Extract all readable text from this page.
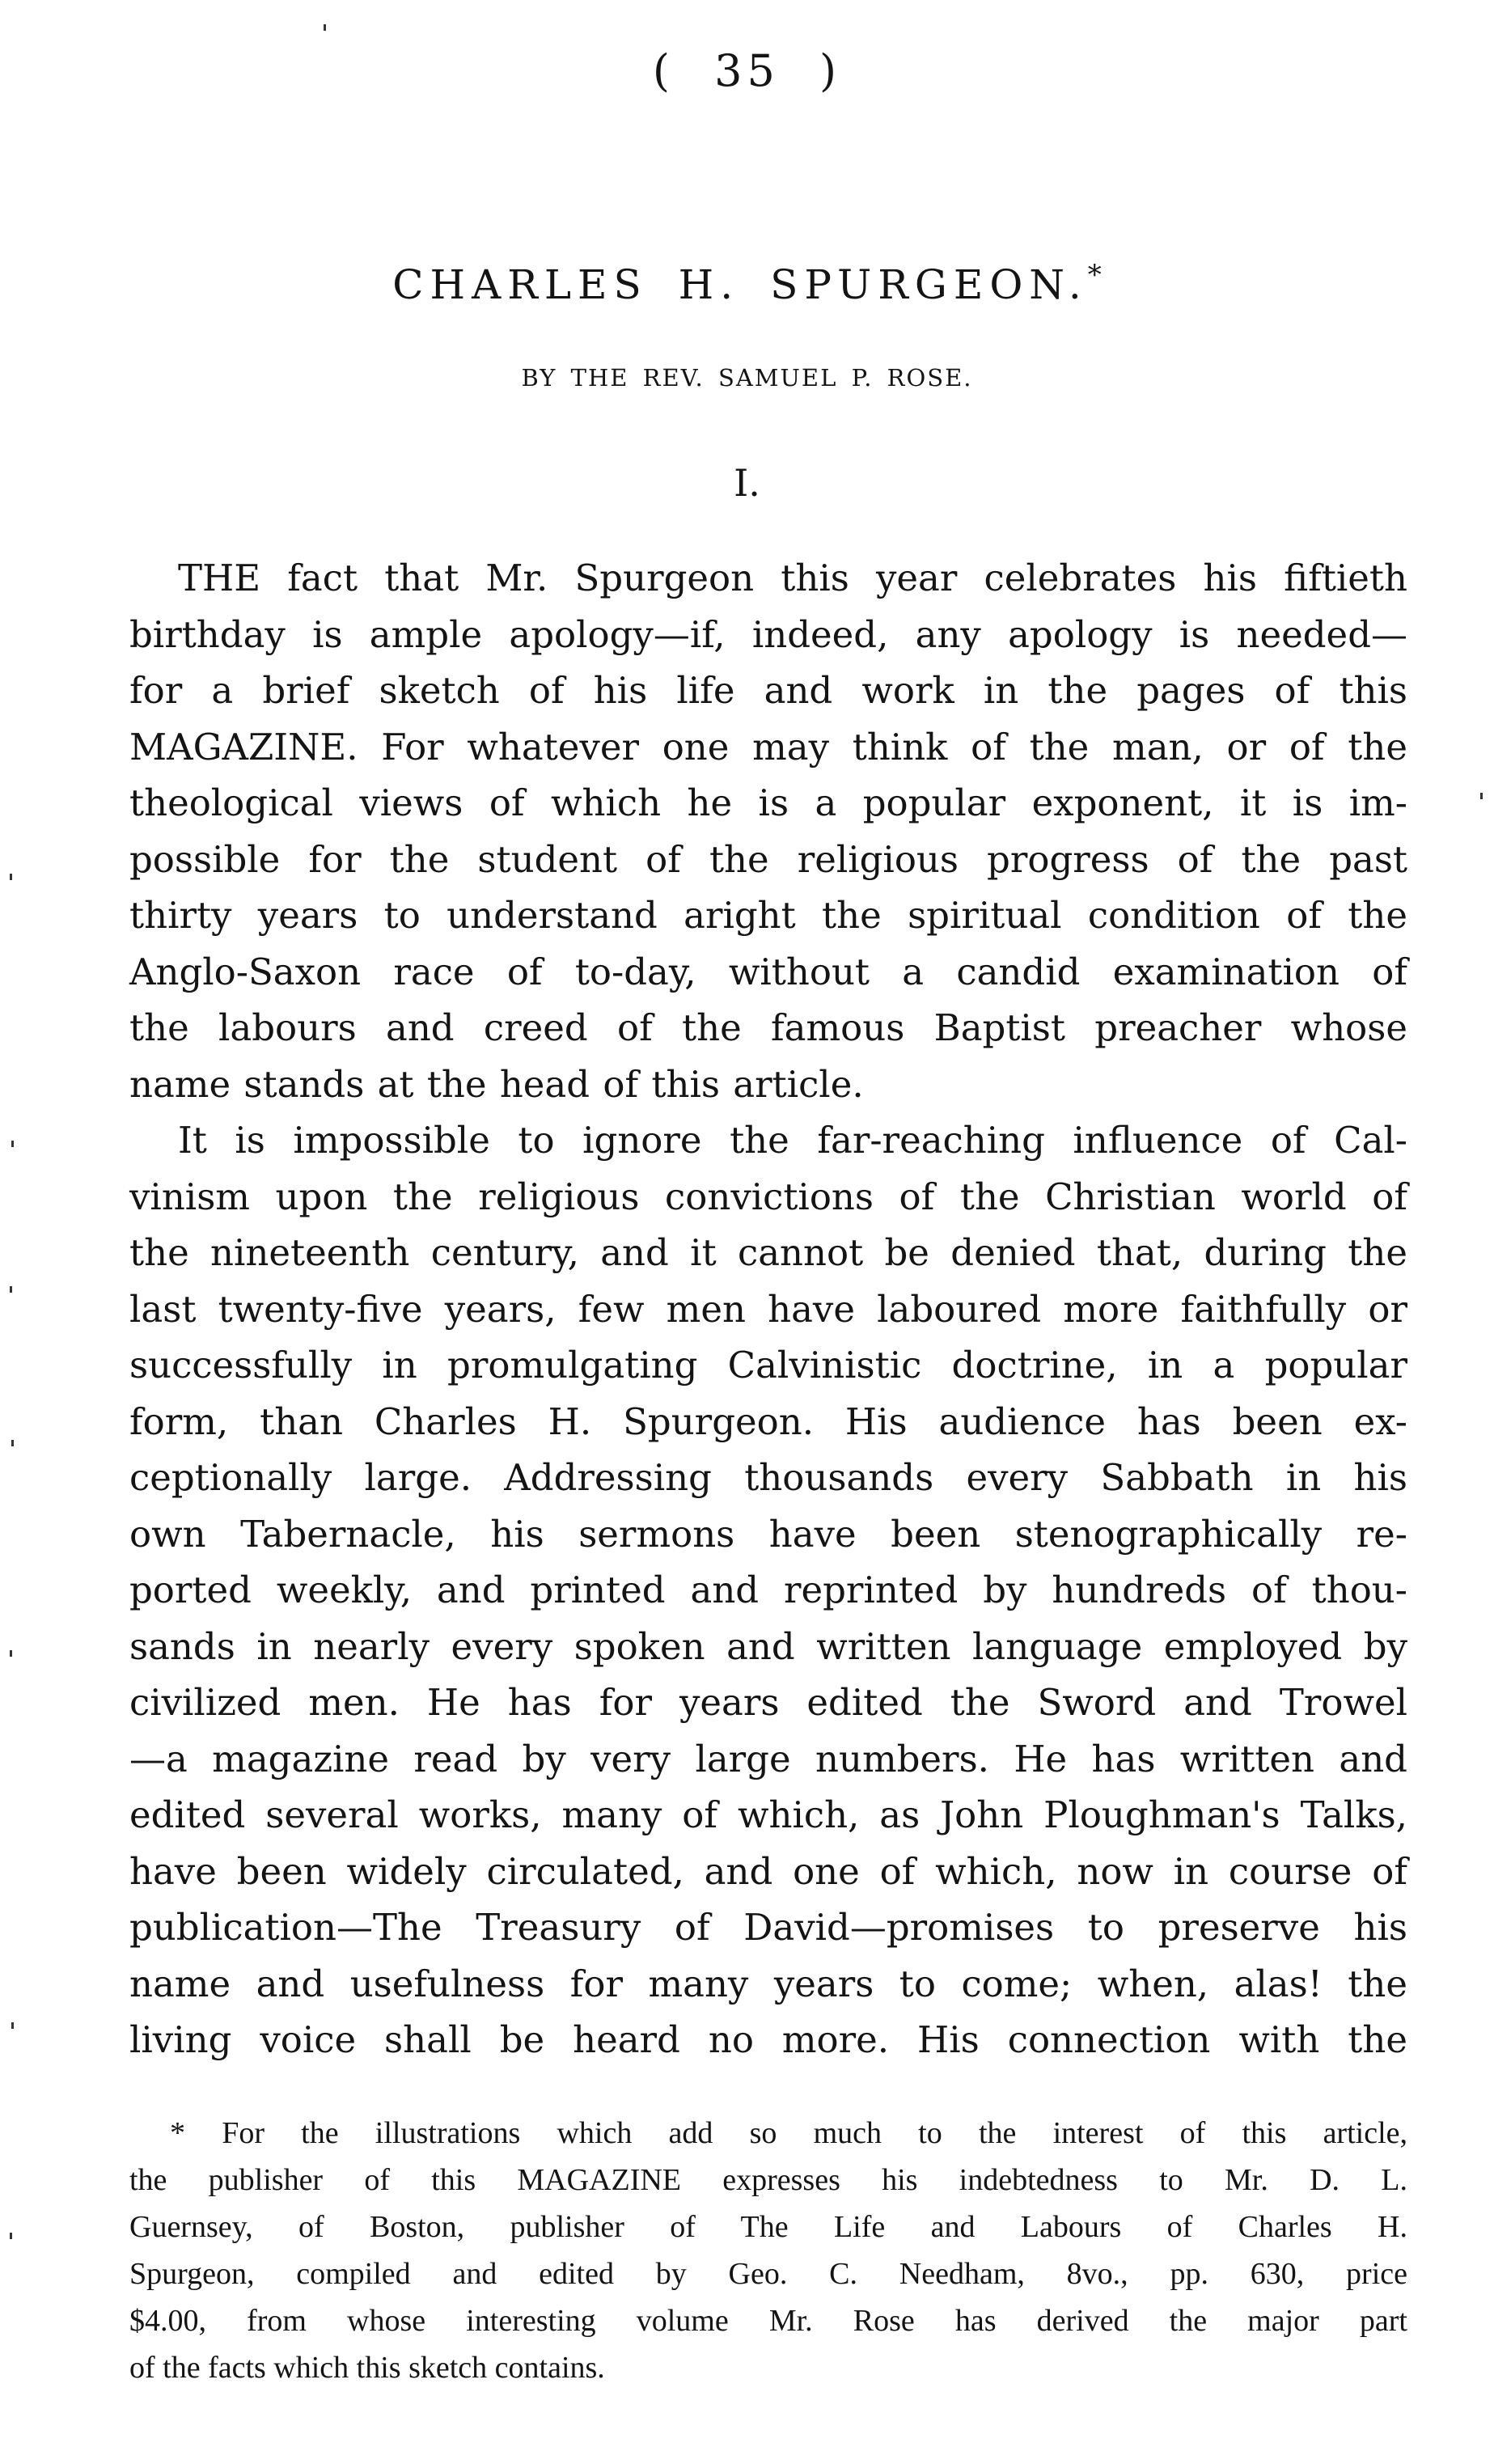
( 35 )
CHARLES H. SPURGEON.*
BY THE REV. SAMUEL P. ROSE.
I.

THE fact that Mr. Spurgeon this year celebrates his fiftieth
birthday is ample apology—if, indeed, any apology is needed—
for a brief sketch of his life and work in the pages of this
MAGAZINE. For whatever one may think of the man, or of the
theological views of which he is a popular exponent, it is im-
possible for the student of the religious progress of the past
thirty years to understand aright the spiritual condition of the
Anglo-Saxon race of to-day, without a candid examination of
the labours and creed of the famous Baptist preacher whose
name stands at the head of this article.

It is impossible to ignore the far-reaching influence of Cal-
vinism upon the religious convictions of the Christian world of
the nineteenth century, and it cannot be denied that, during the
last twenty-five years, few men have laboured more faithfully or
successfully in promulgating Calvinistic doctrine, in a popular
form, than Charles H. Spurgeon. His audience has been ex-
ceptionally large. Addressing thousands every Sabbath in his
own Tabernacle, his sermons have been stenographically re-
ported weekly, and printed and reprinted by hundreds of thou-
sands in nearly every spoken and written language employed by
civilized men. He has for years edited the Sword and Trowel
—a magazine read by very large numbers. He has written and
edited several works, many of which, as John Ploughman's Talks,
have been widely circulated, and one of which, now in course of
publication—The Treasury of David—promises to preserve his
name and usefulness for many years to come; when, alas! the
living voice shall be heard no more. His connection with the

* For the illustrations which add so much to the interest of this article,
the publisher of this MAGAZINE expresses his indebtedness to Mr. D. L.
Guernsey, of Boston, publisher of The Life and Labours of Charles H.
Spurgeon, compiled and edited by Geo. C. Needham, 8vo., pp. 630, price
$4.00, from whose interesting volume Mr. Rose has derived the major part
of the facts which this sketch contains.
